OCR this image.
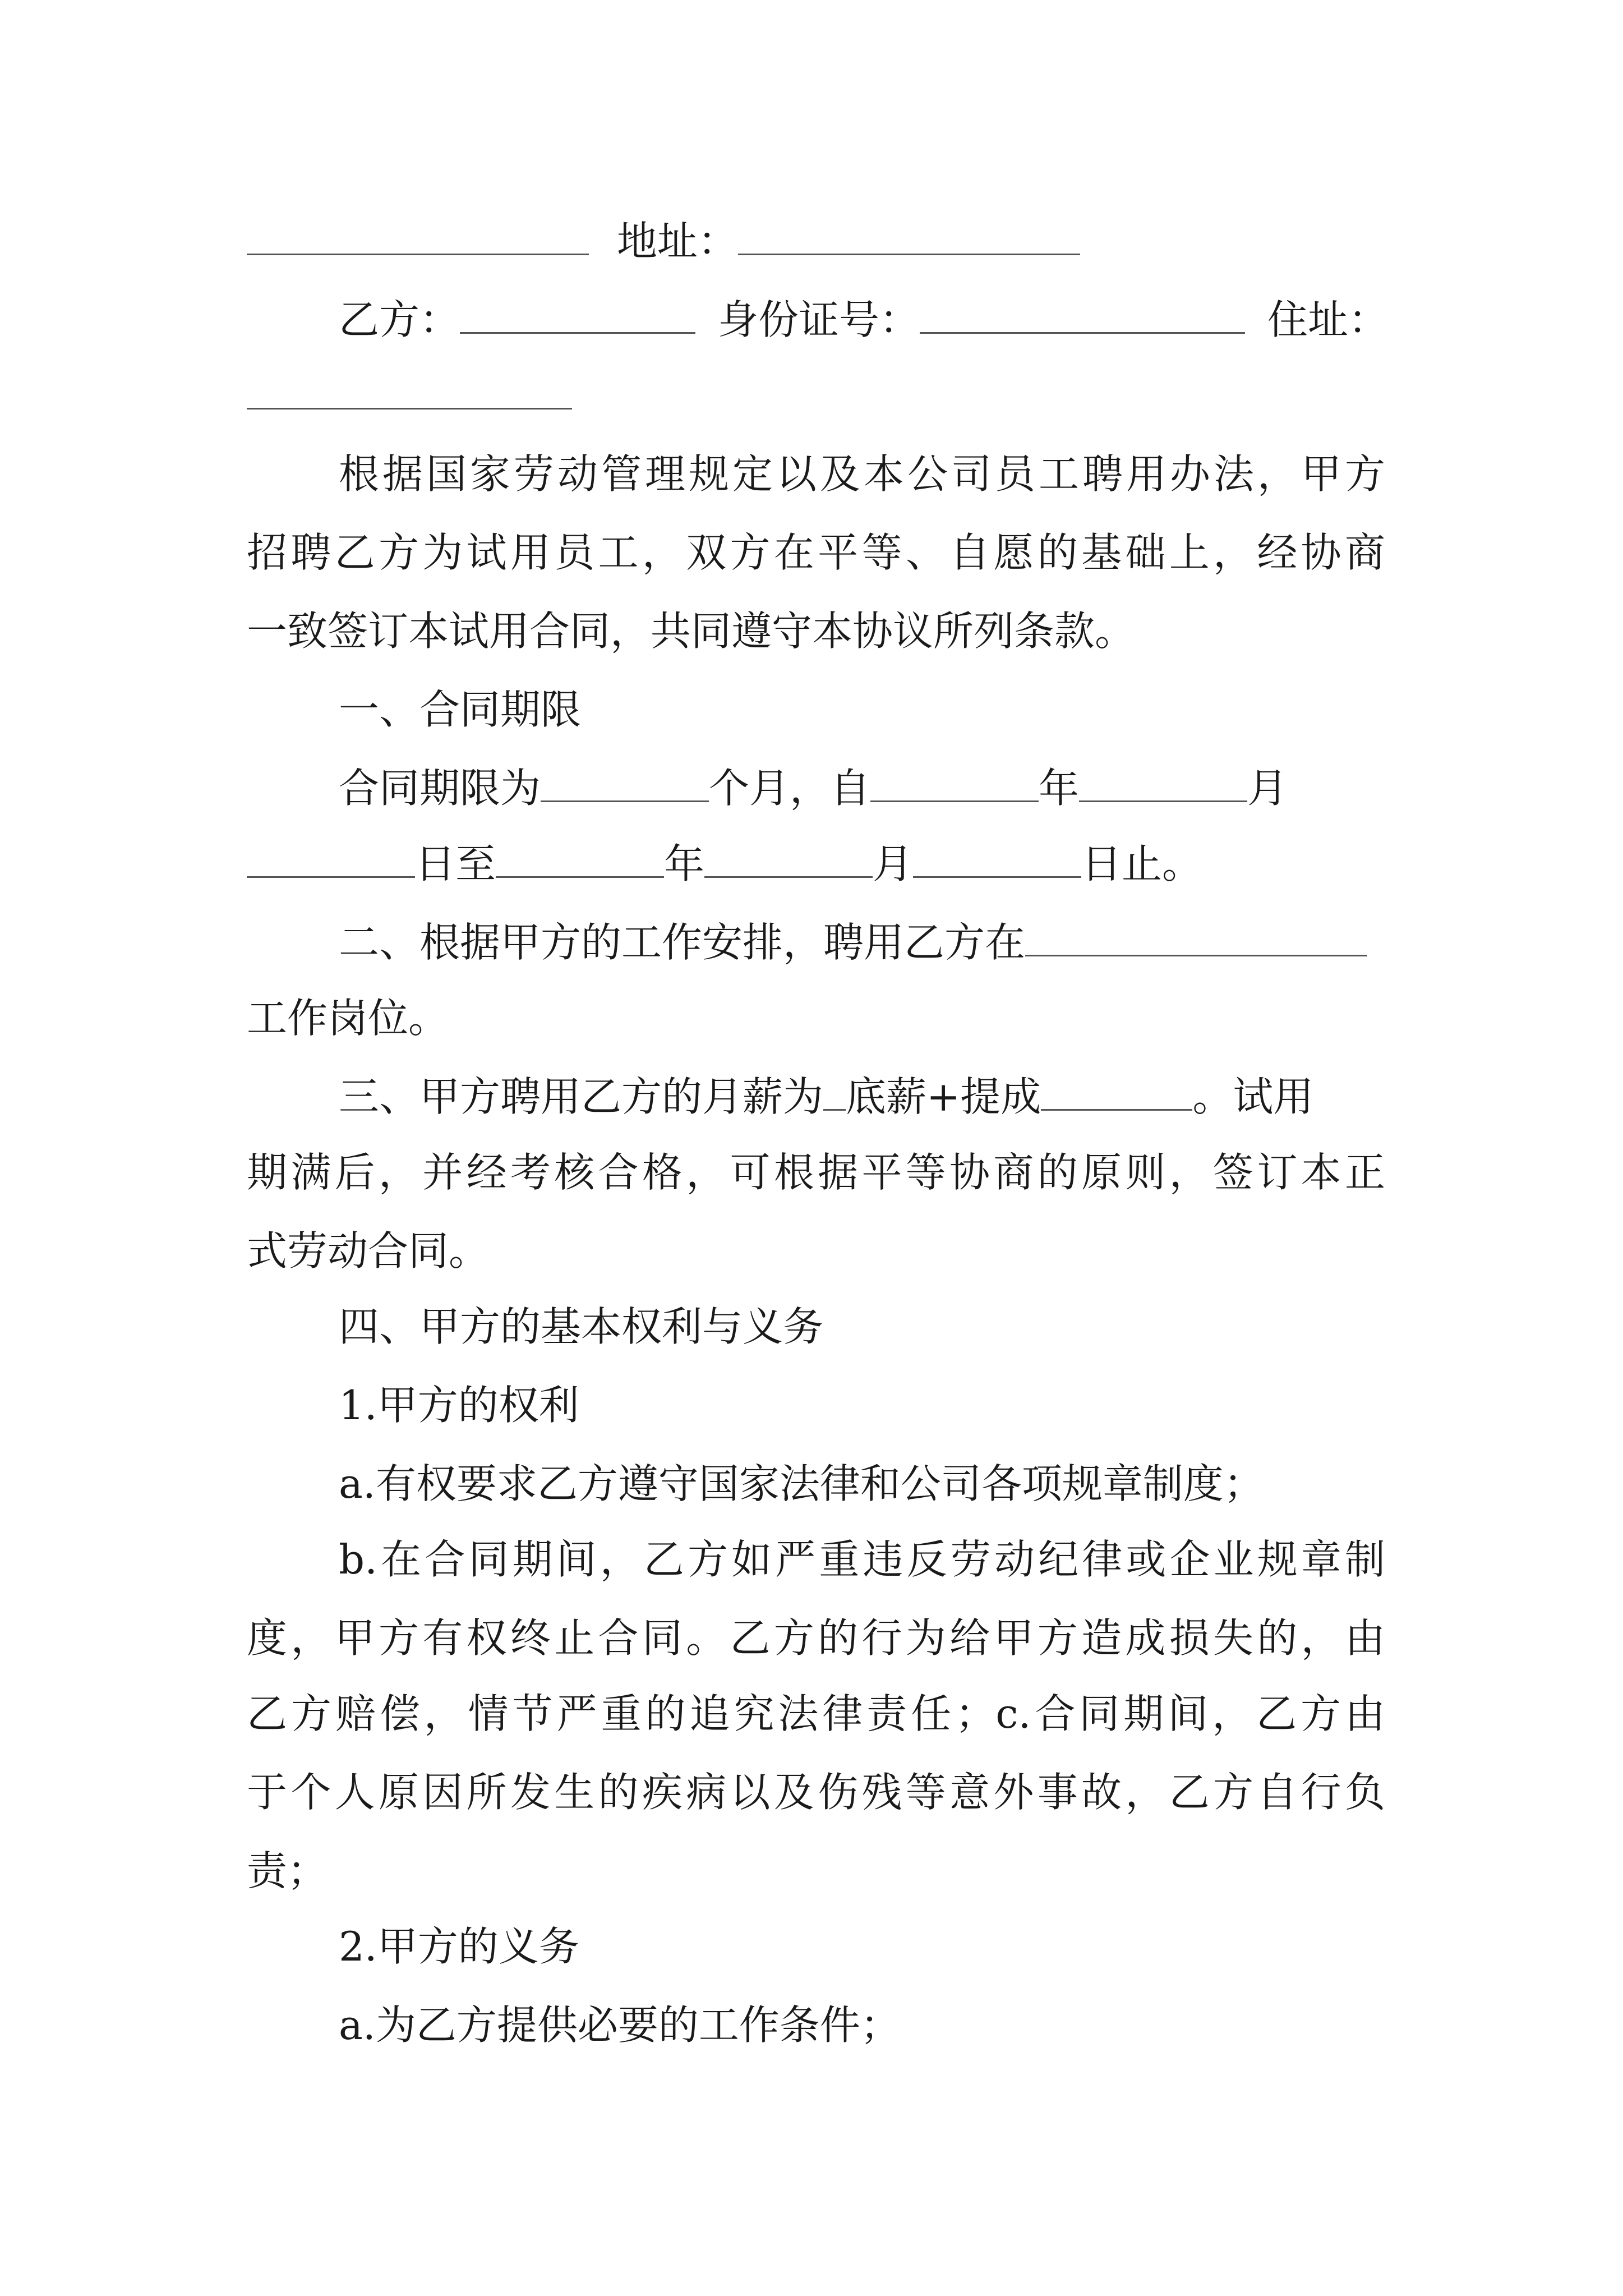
地址：
乙方：	身份证号：	住址：
根据国家劳动管理规定以及本公司员工聘用办法，甲方
招聘乙方为试用员工，双方在平等、自愿的基础上，经协商
一致签订本试用合同，共同遵守本协议所列条款。
一、合同期限
合同期限为	个月，自	年	月
日至	年	月	日止。
二、根据甲方的工作安排，聘用乙方在
工作岗位。
三、甲方聘用乙方的月薪为 底薪+提成	。试用
期满后，并经考核合格，可根据平等协商的原则，签订本正
式劳动合同。
四、甲方的基本权利与义务
1.甲方的权利
a.有权要求乙方遵守国家法律和公司各项规章制度；
b.在合同期间，乙方如严重违反劳动纪律或企业规章制
度，甲方有权终止合同。乙方的行为给甲方造成损失的，由
乙方赔偿，情节严重的追究法律责任；c.合同期间，乙方由
于个人原因所发生的疾病以及伤残等意外事故，乙方自行负
责；
2.甲方的义务
a.为乙方提供必要的工作条件；
